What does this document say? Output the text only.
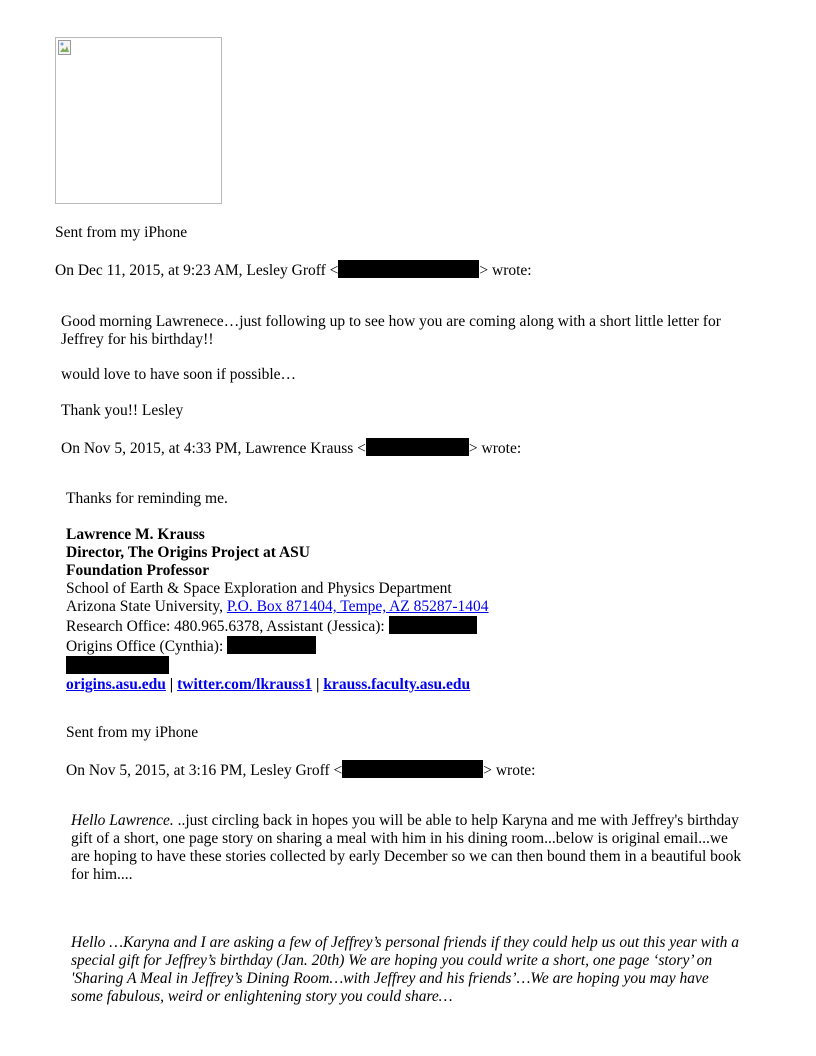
Sent from my iPhone

On Dec 11, 2015, at 9:23 AM, Lesley Groff <	> wrote:

Good morning Lawrenece…just following up to see how you are coming along with a short little letter for Jeffrey for his birthday!!

would love to have soon if possible…

Thank you!! Lesley

On Nov 5, 2015, at 4:33 PM, Lawrence Krauss <	> wrote:

Thanks for reminding me.

Lawrence M. Krauss
Director, The Origins Project at ASU
Foundation Professor
School of Earth & Space Exploration and Physics Department
Arizona State University, P.O. Box 871404, Tempe, AZ 85287-1404
Research Office: 480.965.6378, Assistant (Jessica):
Origins Office (Cynthia):
origins.asu.edu | twitter.com/lkrauss1 | krauss.faculty.asu.edu

Sent from my iPhone

On Nov 5, 2015, at 3:16 PM, Lesley Groff <	> wrote:

Hello Lawrence. ..just circling back in hopes you will be able to help Karyna and me with Jeffrey's birthday gift of a short, one page story on sharing a meal with him in his dining room...below is original email...we are hoping to have these stories collected by early December so we can then bound them in a beautiful book for him....

Hello …Karyna and I are asking a few of Jeffrey’s personal friends if they could help us out this year with a special gift for Jeffrey’s birthday (Jan. 20th) We are hoping you could write a short, one page ‘story’ on 'Sharing A Meal in Jeffrey’s Dining Room…with Jeffrey and his friends’…We are hoping you may have some fabulous, weird or enlightening story you could share…
